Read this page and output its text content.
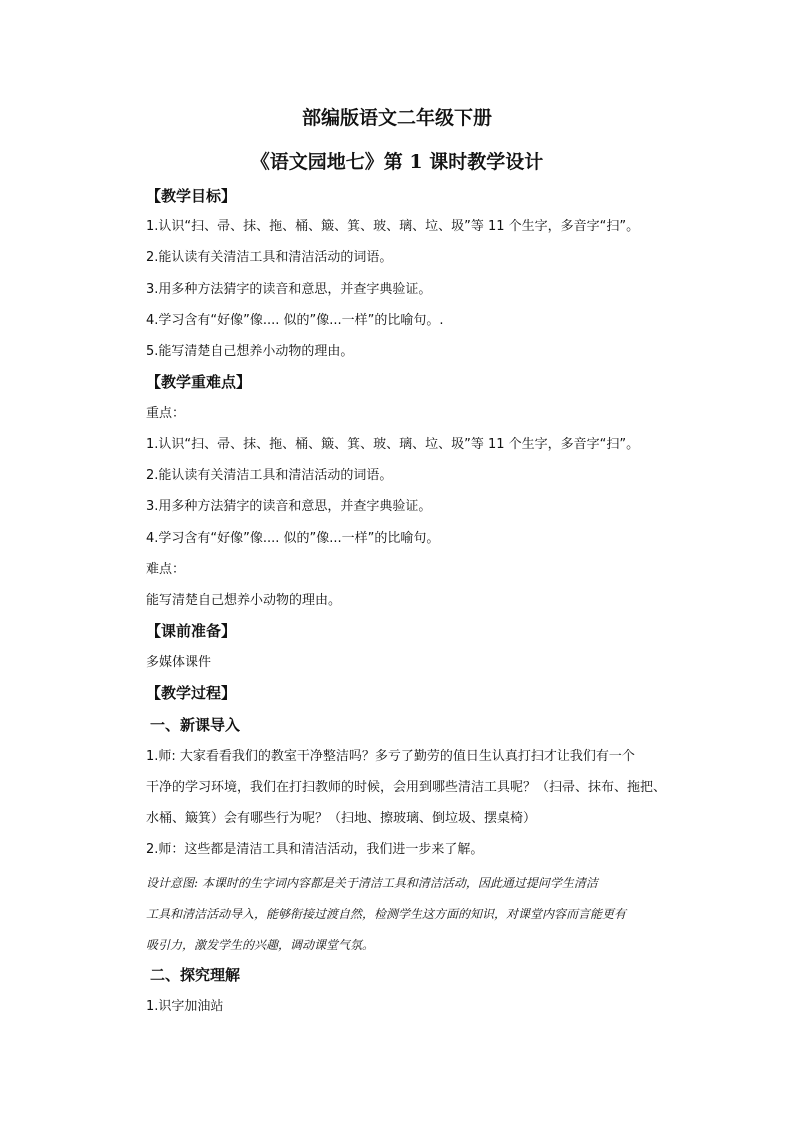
部编版语文二年级下册
《语文园地七》第 1 课时教学设计
【教学目标】
1.认识“扫、帚、抹、拖、桶、簸、箕、玻、璃、垃、圾”等 11 个生字，多音字“扫”。
2.能认读有关清洁工具和清洁活动的词语。
3.用多种方法猜字的读音和意思，并查字典验证。
4.学习含有“好像”像.... 似的”像...一样”的比喻句。.
5.能写清楚自己想养小动物的理由。
【教学重难点】
重点：
1.认识“扫、帚、抹、拖、桶、簸、箕、玻、璃、垃、圾”等 11 个生字，多音字“扫”。
2.能认读有关清洁工具和清洁活动的词语。
3.用多种方法猜字的读音和意思，并查字典验证。
4.学习含有“好像”像.... 似的”像...一样”的比喻句。
难点：
能写清楚自己想养小动物的理由。
【课前准备】
多媒体课件
【教学过程】
一、新课导入
1.师: 大家看看我们的教室干净整洁吗？多亏了勤劳的值日生认真打扫才让我们有一个
干净的学习环境，我们在打扫教师的时候，会用到哪些清洁工具呢？（扫帚、抹布、拖把、
水桶、簸箕）会有哪些行为呢？（扫地、擦玻璃、倒垃圾、摆桌椅）
2.师：这些都是清洁工具和清洁活动，我们进一步来了解。
设计意图: 本课时的生字词内容都是关于清洁工具和清洁活动，因此通过提问学生清洁
工具和清洁活动导入，能够衔接过渡自然，检测学生这方面的知识，对课堂内容而言能更有
吸引力，激发学生的兴趣，调动课堂气氛。
二、探究理解
1.识字加油站
